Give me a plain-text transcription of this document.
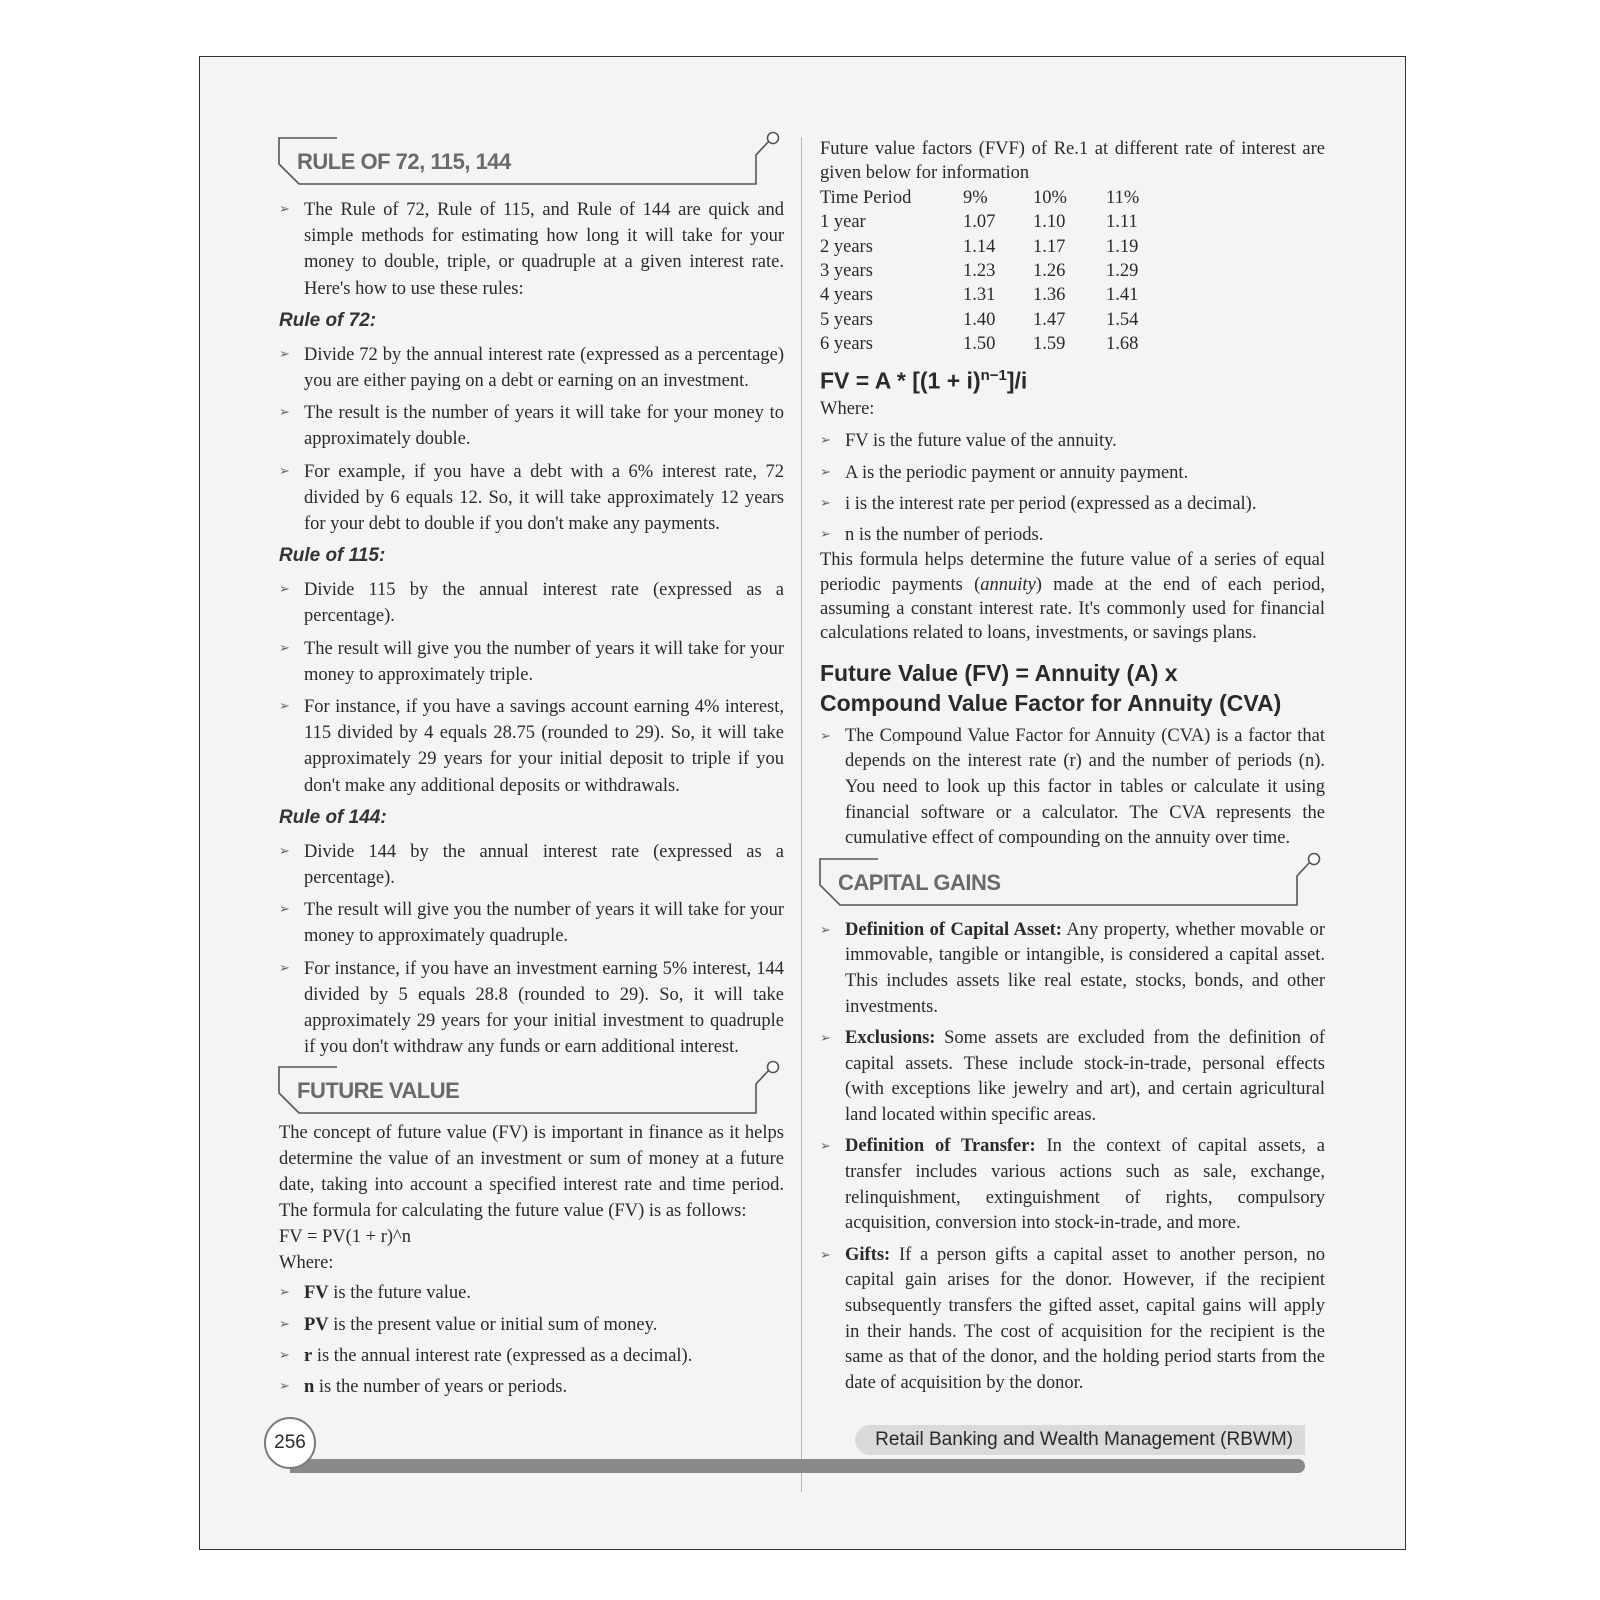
RULE OF 72, 115, 144
➢ The Rule of 72, Rule of 115, and Rule of 144 are quick and simple methods for estimating how long it will take for your money to double, triple, or quadruple at a given interest rate. Here's how to use these rules:
Rule of 72:
➢ Divide 72 by the annual interest rate (expressed as a percentage) you are either paying on a debt or earning on an investment.
➢ The result is the number of years it will take for your money to approximately double.
➢ For example, if you have a debt with a 6% interest rate, 72 divided by 6 equals 12. So, it will take approximately 12 years for your debt to double if you don't make any payments.
Rule of 115:
➢ Divide 115 by the annual interest rate (expressed as a percentage).
➢ The result will give you the number of years it will take for your money to approximately triple.
➢ For instance, if you have a savings account earning 4% interest, 115 divided by 4 equals 28.75 (rounded to 29). So, it will take approximately 29 years for your initial deposit to triple if you don't make any additional deposits or withdrawals.
Rule of 144:
➢ Divide 144 by the annual interest rate (expressed as a percentage).
➢ The result will give you the number of years it will take for your money to approximately quadruple.
➢ For instance, if you have an investment earning 5% interest, 144 divided by 5 equals 28.8 (rounded to 29). So, it will take approximately 29 years for your initial investment to quadruple if you don't withdraw any funds or earn additional interest.
FUTURE VALUE

The concept of future value (FV) is important in finance as it helps determine the value of an investment or sum of money at a future date, taking into account a specified interest rate and time period. The formula for calculating the future value (FV) is as follows:

FV = PV(1 + r)^n

Where:

➢ FV is the future value.
➢ PV is the present value or initial sum of money.
➢ r is the annual interest rate (expressed as a decimal).
➢ n is the number of years or periods.

Future value factors (FVF) of Re.1 at different rate of interest are given below for information

Time Period	9%	10%	11%
1 year	1.07	1.10	1.11
2 years	1.14	1.17	1.19
3 years	1.23	1.26	1.29
4 years	1.31	1.36	1.41
5 years	1.40	1.47	1.54
6 years	1.50	1.59	1.68
FV = $A * [(1 + i)^{n-1}]/i$

Where:

➢ FV is the future value of the annuity.
➢ A is the periodic payment or annuity payment.
➢ i is the interest rate per period (expressed as a decimal).
➢ n is the number of periods.

This formula helps determine the future value of a series of equal periodic payments (annuity) made at the end of each period, assuming a constant interest rate. It's commonly used for financial calculations related to loans, investments, or savings plans.

Future Value (FV) = Annuity (A) x
Compound Value Factor for Annuity (CVA)
➢ The Compound Value Factor for Annuity (CVA) is a factor that depends on the interest rate (r) and the number of periods (n). You need to look up this factor in tables or calculate it using financial software or a calculator. The CVA represents the cumulative effect of compounding on the annuity over time.
CAPITAL GAINS
➢ Definition of Capital Asset: Any property, whether movable or immovable, tangible or intangible, is considered a capital asset. This includes assets like real estate, stocks, bonds, and other investments.
➢ Exclusions: Some assets are excluded from the definition of capital assets. These include stock-in-trade, personal effects (with exceptions like jewelry and art), and certain agricultural land located within specific areas.
➢ Definition of Transfer: In the context of capital assets, a transfer includes various actions such as sale, exchange, relinquishment, extinguishment of rights, compulsory acquisition, conversion into stock-in-trade, and more.
➢ Gifts: If a person gifts a capital asset to another person, no capital gain arises for the donor. However, if the recipient subsequently transfers the gifted asset, capital gains will apply in their hands. The cost of acquisition for the recipient is the same as that of the donor, and the holding period starts from the date of acquisition by the donor.
Retail Banking and Wealth Management (RBWM)
256
